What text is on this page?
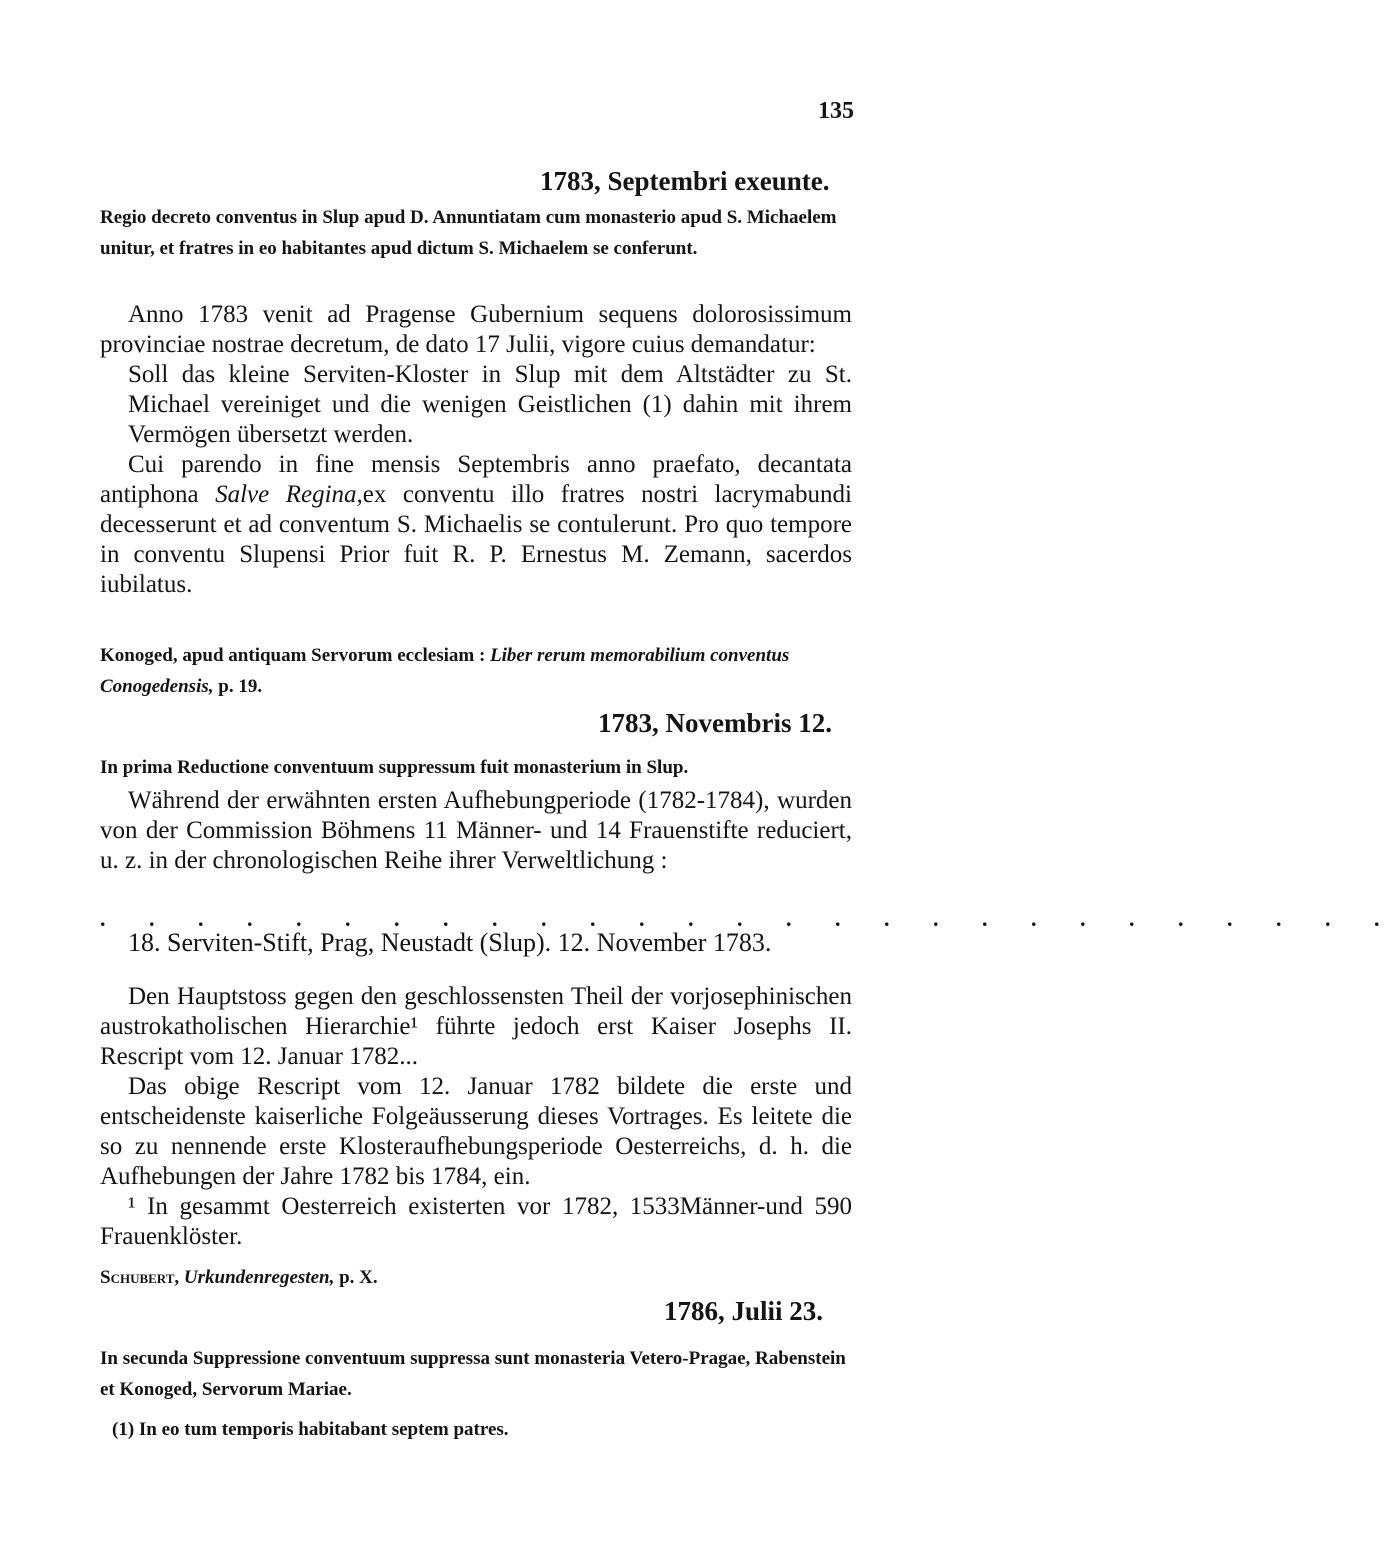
135
1783, Septembri exeunte.

Regio decreto conventus in Slup apud D. Annuntiatam cum monasterio apud S. Michaelem unitur, et fratres in eo habitantes apud dictum S. Michaelem se conferunt.

Anno 1783 venit ad Pragense Gubernium sequens dolorosissimum provinciae nostrae decretum, de dato 17 Julii, vigore cuius demandatur:

Soll das kleine Serviten-Kloster in Slup mit dem Altstädter zu St. Michael vereiniget und die wenigen Geistlichen (1) dahin mit ihrem Vermögen übersetzt werden.

Cui parendo in fine mensis Septembris anno praefato, decantata antiphona Salve Regina,ex conventu illo fratres nostri lacrymabundi decesserunt et ad conventum S. Michaelis se contulerunt. Pro quo tempore in conventu Slupensi Prior fuit R. P. Ernestus M. Zemann, sacerdos iubilatus.

Konoged, apud antiquam Servorum ecclesiam : Liber rerum memorabilium conventus Conogedensis, p. 19.

1783, Novembris 12.

In prima Reductione conventuum suppressum fuit monasterium in Slup.

Während der erwähnten ersten Aufhebungperiode (1782-1784), wurden von der Commission Böhmens 11 Männer- und 14 Frauenstifte reduciert, u. z. in der chronologischen Reihe ihrer Verweltlichung :

. . . . . . . . . . . . . . . . . . . . . . . . . . .
18. Serviten-Stift, Prag, Neustadt (Slup). 12. November 1783.

Den Hauptstoss gegen den geschlossensten Theil der vorjosephinischen austrokatholischen Hierarchie¹ führte jedoch erst Kaiser Josephs II. Rescript vom 12. Januar 1782...

Das obige Rescript vom 12. Januar 1782 bildete die erste und entscheidenste kaiserliche Folgeäusserung dieses Vortrages. Es leitete die so zu nennende erste Klosteraufhebungsperiode Oesterreichs, d. h. die Aufhebungen der Jahre 1782 bis 1784, ein.

¹ In gesammt Oesterreich existerten vor 1782, 1533Männer-und 590 Frauenklöster.

Schubert, Urkundenregesten, p. X.

1786, Julii 23.

In secunda Suppressione conventuum suppressa sunt monasteria Vetero-Pragae, Rabenstein et Konoged, Servorum Mariae.

(1) In eo tum temporis habitabant septem patres.
